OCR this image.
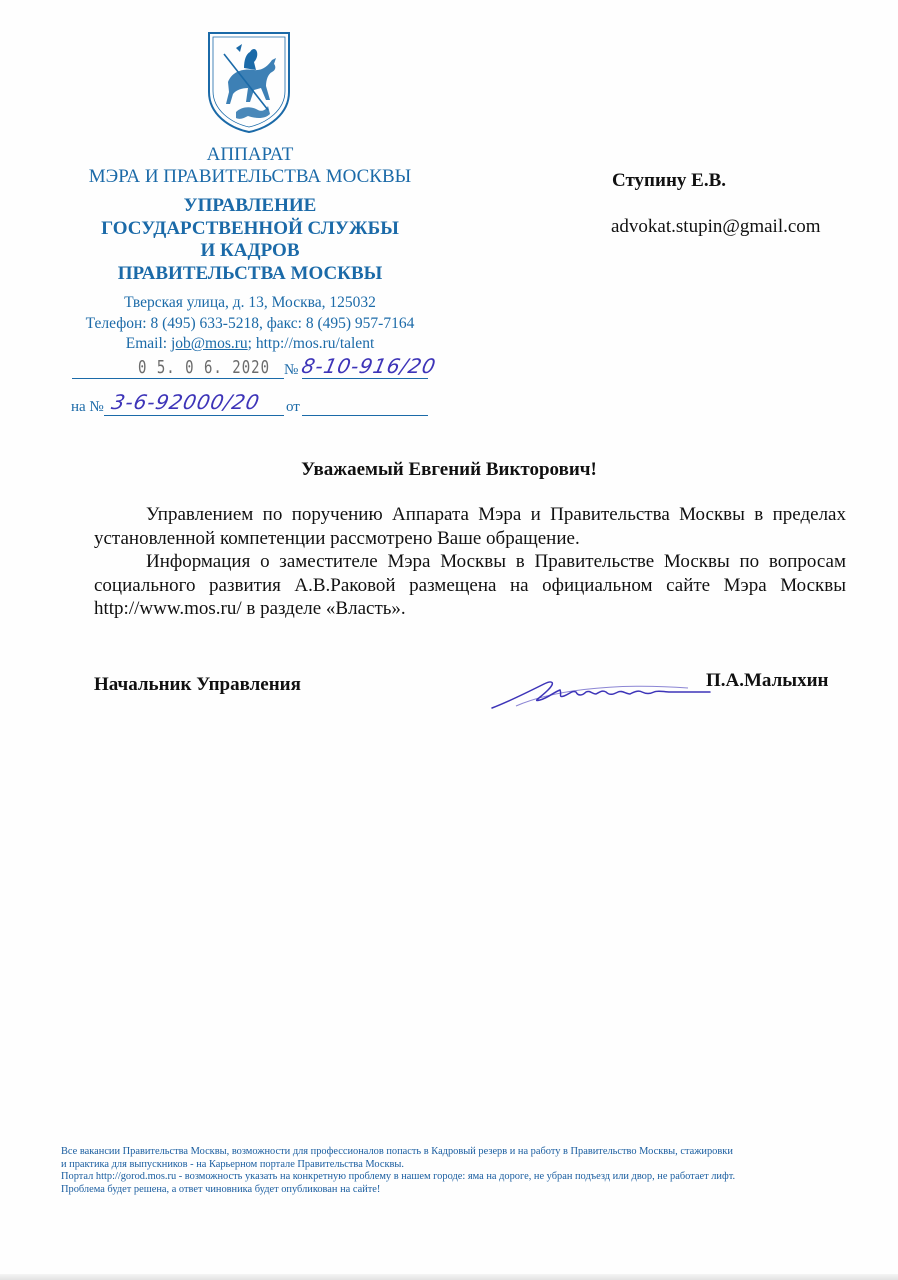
АППАРАТ
МЭРА И ПРАВИТЕЛЬСТВА МОСКВЫ
УПРАВЛЕНИЕ
ГОСУДАРСТВЕННОЙ СЛУЖБЫ
И КАДРОВ
ПРАВИТЕЛЬСТВА МОСКВЫ
Тверская улица, д. 13, Москва, 125032
Телефон: 8 (495) 633-5218, факс: 8 (495) 957-7164
Email: job@mos.ru; http://mos.ru/talent
0 5. 0 6. 2020 № 8-10-916/20
на № 3-6-92000/20 от
Ступину Е.В.
advokat.stupin@gmail.com
Уважаемый Евгений Викторович!
Управлением по поручению Аппарата Мэра и Правительства Москвы в пределах установленной компетенции рассмотрено Ваше обращение.
Информация о заместителе Мэра Москвы в Правительстве Москвы по вопросам социального развития А.В.Раковой размещена на официальном сайте Мэра Москвы http://www.mos.ru/ в разделе «Власть».
Начальник Управления	П.А.Малыхин

Все вакансии Правительства Москвы, возможности для профессионалов попасть в Кадровый резерв и на работу в Правительство Москвы, стажировки

и практика для выпускников - на Карьерном портале Правительства Москвы.

Портал http://gorod.mos.ru - возможность указать на конкретную проблему в нашем городе: яма на дороге, не убран подъезд или двор, не работает лифт.

Проблема будет решена, а ответ чиновника будет опубликован на сайте!
